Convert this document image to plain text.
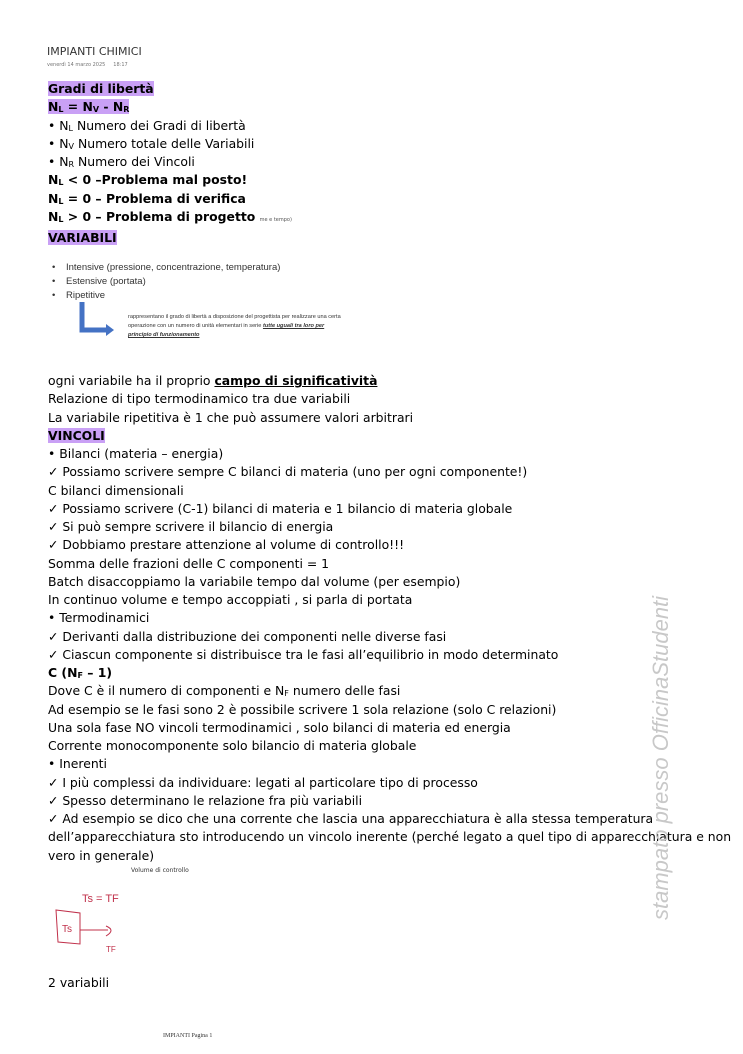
IMPIANTI CHIMICI
venerdì 14 marzo 2025 18:17
Gradi di libertà
$N_L = N_V - N_R$
• $N_L$ Numero dei Gradi di libertà
• $N_V$ Numero totale delle Variabili
• $N_R$ Numero dei Vincoli
$N_L < 0$ –Problema mal posto!
$N_L = 0$ – Problema di verifica
$N_L > 0$ – Problema di progetto me e tempo)
VARIABILI
• Intensive (pressione, concentrazione, temperatura)
• Estensive (portata)
• Ripetitive
rappresentano il grado di libertà a disposizione del progettista per realizzare una certa operazione con un numero di unità elementari in serie tutte uguali tra loro per principio di funzionamento
ogni variabile ha il proprio campo di significatività
Relazione di tipo termodinamico tra due variabili
La variabile ripetitiva è 1 che può assumere valori arbitrari
VINCOLI
• Bilanci (materia – energia)
✓ Possiamo scrivere sempre C bilanci di materia (uno per ogni componente!)
C bilanci dimensionali
✓ Possiamo scrivere (C-1) bilanci di materia e 1 bilancio di materia globale
✓ Si può sempre scrivere il bilancio di energia
✓ Dobbiamo prestare attenzione al volume di controllo!!!
Somma delle frazioni delle C componenti = 1
Batch disaccoppiamo la variabile tempo dal volume (per esempio)
In continuo volume e tempo accoppiati , si parla di portata
• Termodinamici
✓ Derivanti dalla distribuzione dei componenti nelle diverse fasi
✓ Ciascun componente si distribuisce tra le fasi all’equilibrio in modo determinato
C $(N_F - 1)$
Dove C è il numero di componenti e $N_F$ numero delle fasi
Ad esempio se le fasi sono 2 è possibile scrivere 1 sola relazione (solo C relazioni)
Una sola fase NO vincoli termodinamici , solo bilanci di materia ed energia
Corrente monocomponente solo bilancio di materia globale
• Inerenti
✓ I più complessi da individuare: legati al particolare tipo di processo
✓ Spesso determinano le relazione fra più variabili
✓ Ad esempio se dico che una corrente che lascia una apparecchiatura è alla stessa temperatura
dell’apparecchiatura sto introducendo un vincolo inerente (perché legato a quel tipo di apparecchiatura e non
vero in generale)
Volume di controllo
Ts = TF
Ts
TF
2 variabili
stampato presso OfficinaStudenti
IMPIANTI Pagina 1
